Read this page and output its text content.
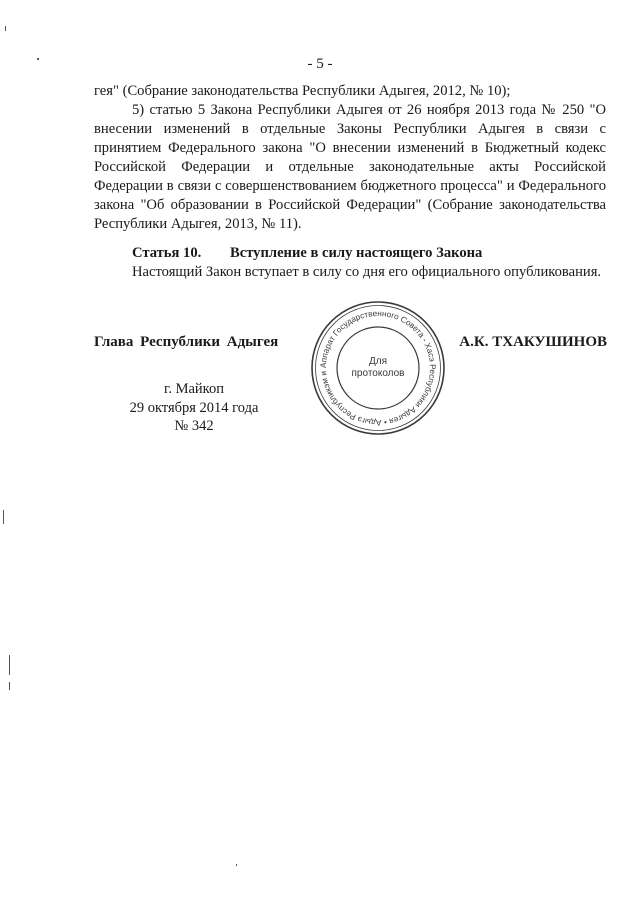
- 5 -

гея" (Собрание законодательства Республики Адыгея, 2012, № 10);

5) статью 5 Закона Республики Адыгея от 26 ноября 2013 года № 250 "О внесении изменений в отдельные Законы Республики Адыгея в связи с принятием Федерального закона "О внесении изменений в Бюджетный кодекс Российской Федерации и отдельные законодательные акты Российской Федерации в связи с совершенствованием бюджетного процесса" и Федерального закона "Об образовании в Российской Федерации" (Собрание законодательства Республики Адыгея, 2013, № 11).

Статья 10. Вступление в силу настоящего Закона

Настоящий Закон вступает в силу со дня его официального опубликования.

Глава Республики Адыгея	А.К. ТХАКУШИНОВ
Аппарат Государственного Совета - Хасэ Республики Адыгея • Адыгэ Республикэм и
Для
протоколов
г. Майкоп
29 октября 2014 года
№ 342
